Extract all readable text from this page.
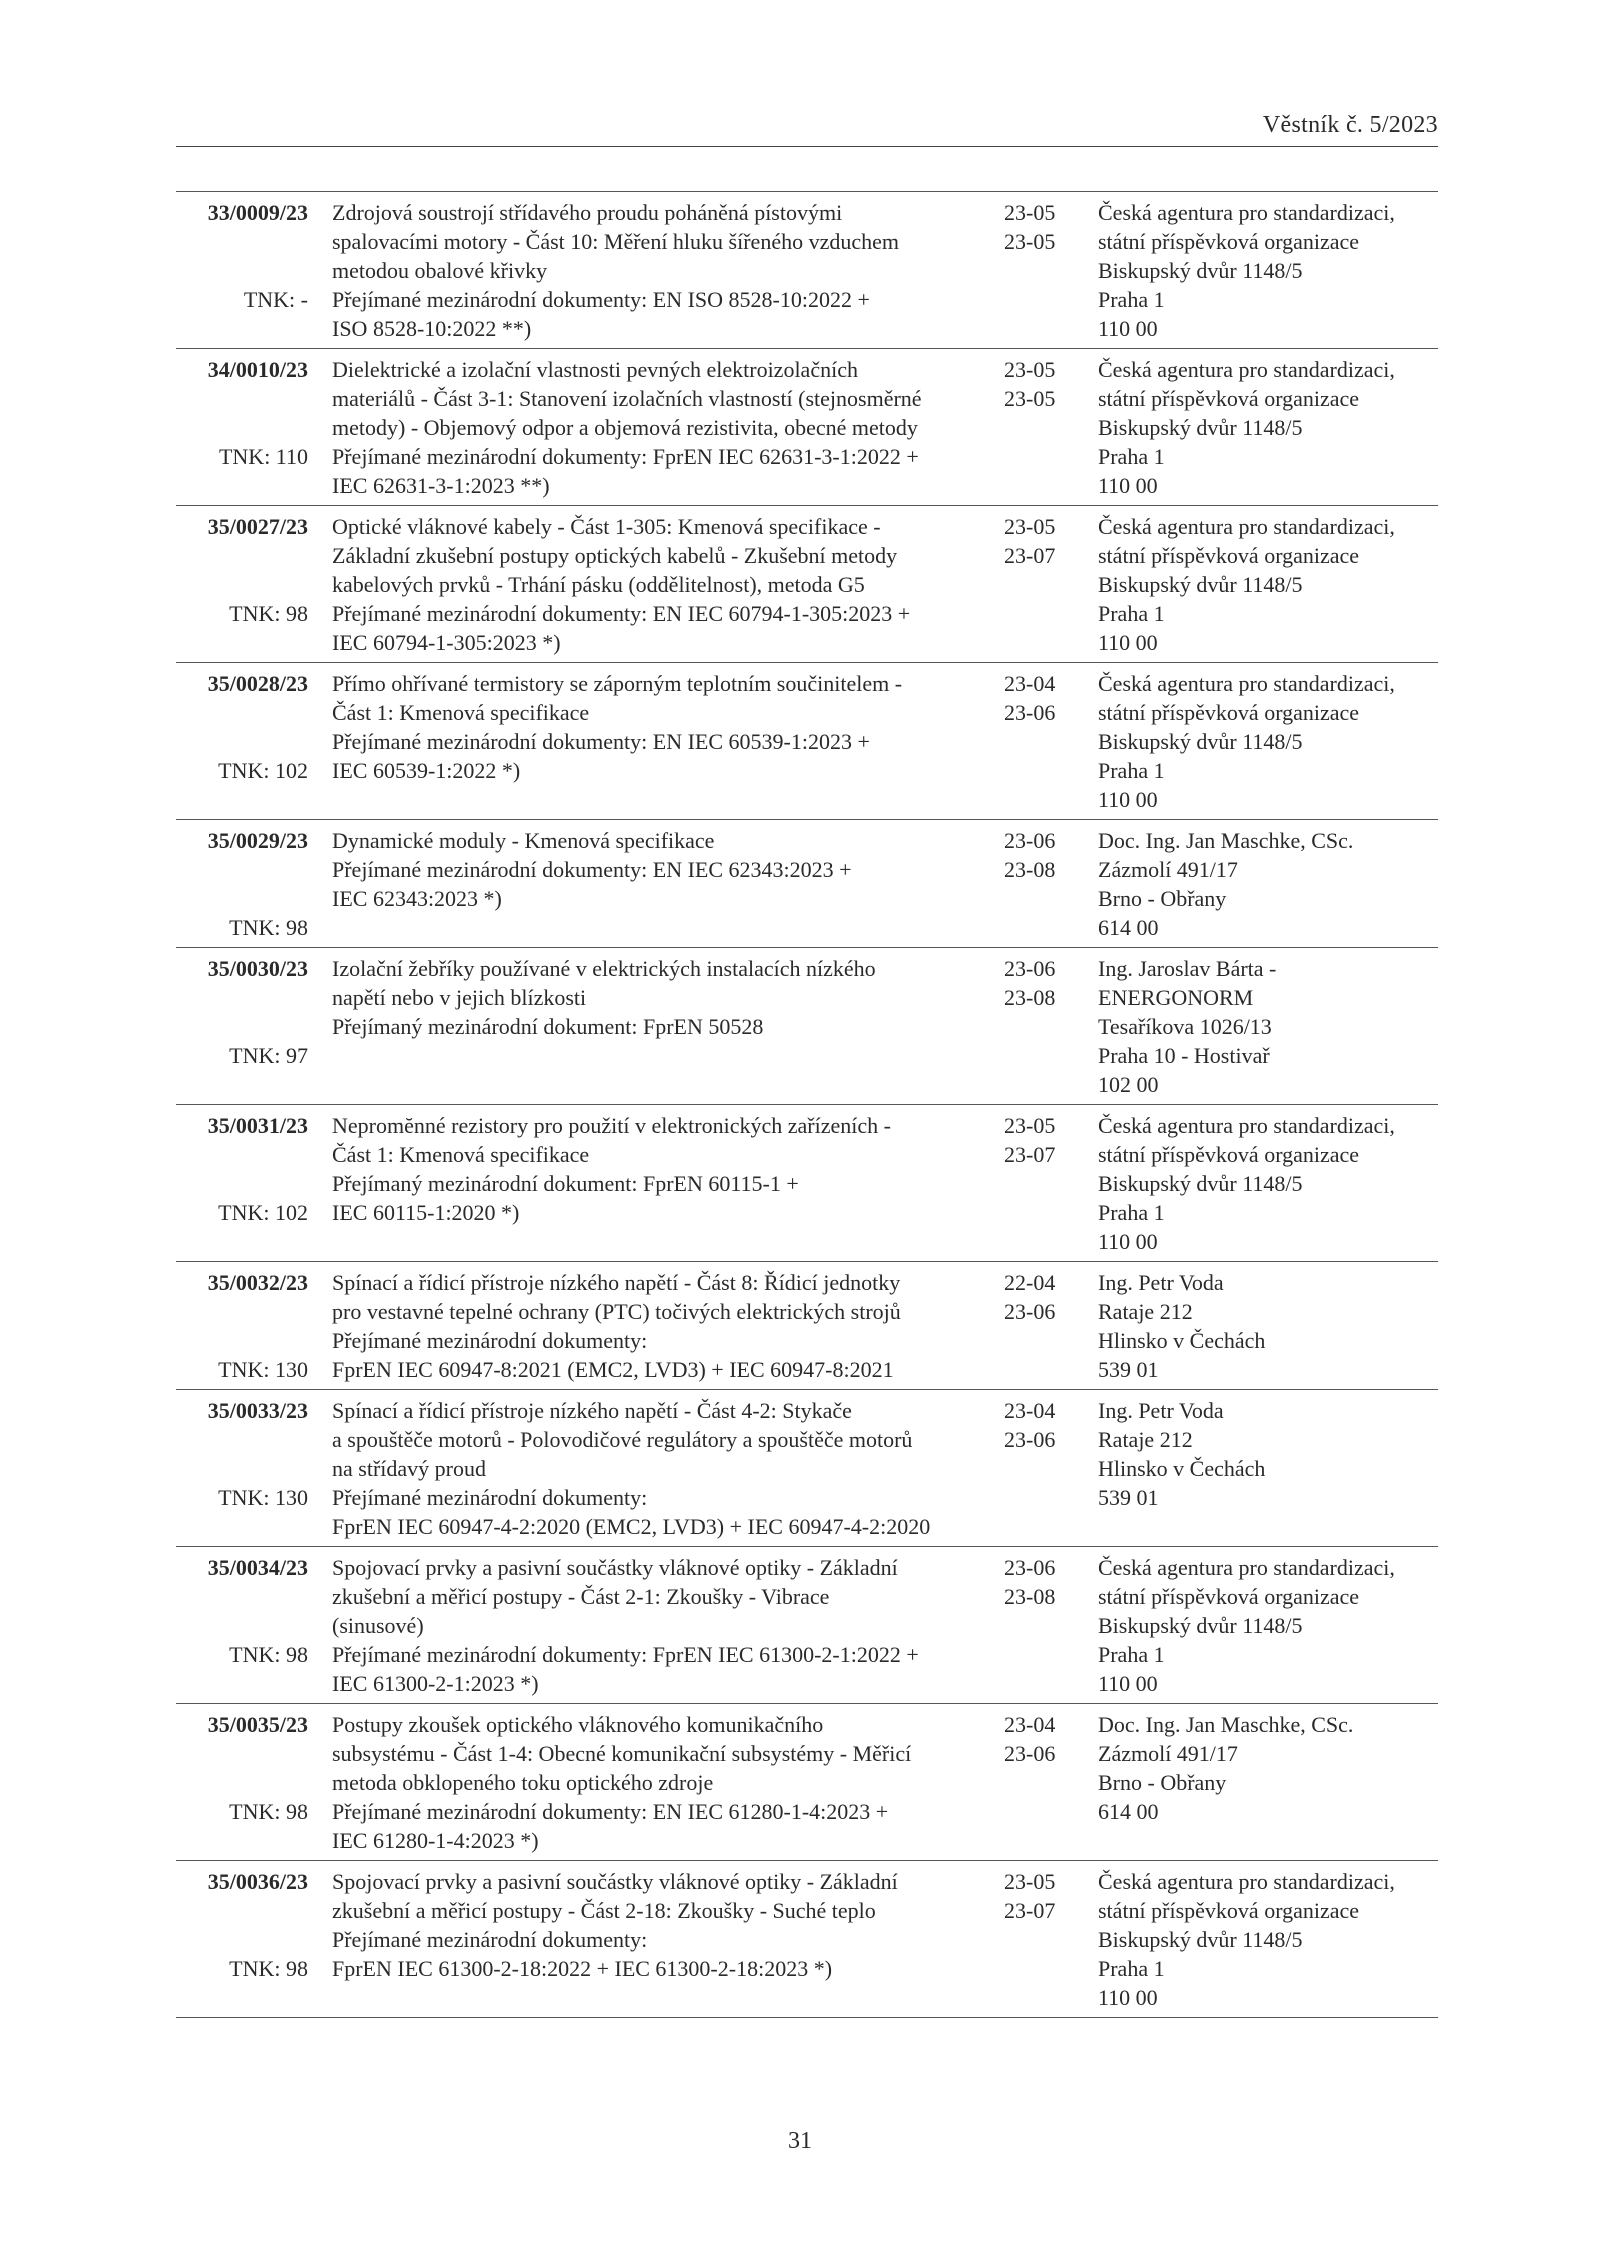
Věstník č. 5/2023
33/0009/23
TNK: -
Zdrojová soustrojí střídavého proudu poháněná pístovými
spalovacími motory - Část 10: Měření hluku šířeného vzduchem
metodou obalové křivky
Přejímané mezinárodní dokumenty: EN ISO 8528-10:2022 +
ISO 8528-10:2022 **)
23-05
23-05
Česká agentura pro standardizaci,
státní příspěvková organizace
Biskupský dvůr 1148/5
Praha 1
110 00
34/0010/23
TNK: 110
Dielektrické a izolační vlastnosti pevných elektroizolačních
materiálů - Část 3-1: Stanovení izolačních vlastností (stejnosměrné
metody) - Objemový odpor a objemová rezistivita, obecné metody
Přejímané mezinárodní dokumenty: FprEN IEC 62631-3-1:2022 +
IEC 62631-3-1:2023 **)
23-05
23-05
Česká agentura pro standardizaci,
státní příspěvková organizace
Biskupský dvůr 1148/5
Praha 1
110 00
35/0027/23
TNK: 98
Optické vláknové kabely - Část 1-305: Kmenová specifikace -
Základní zkušební postupy optických kabelů - Zkušební metody
kabelových prvků - Trhání pásku (oddělitelnost), metoda G5
Přejímané mezinárodní dokumenty: EN IEC 60794-1-305:2023 +
IEC 60794-1-305:2023 *)
23-05
23-07
Česká agentura pro standardizaci,
státní příspěvková organizace
Biskupský dvůr 1148/5
Praha 1
110 00
35/0028/23
TNK: 102
Přímo ohřívané termistory se záporným teplotním součinitelem -
Část 1: Kmenová specifikace
Přejímané mezinárodní dokumenty: EN IEC 60539-1:2023 +
IEC 60539-1:2022 *)
23-04
23-06
Česká agentura pro standardizaci,
státní příspěvková organizace
Biskupský dvůr 1148/5
Praha 1
110 00
35/0029/23
TNK: 98
Dynamické moduly - Kmenová specifikace
Přejímané mezinárodní dokumenty: EN IEC 62343:2023 +
IEC 62343:2023 *)
23-06
23-08
Doc. Ing. Jan Maschke, CSc.
Zázmolí 491/17
Brno - Obřany
614 00
35/0030/23
TNK: 97
Izolační žebříky používané v elektrických instalacích nízkého
napětí nebo v jejich blízkosti
Přejímaný mezinárodní dokument: FprEN 50528
23-06
23-08
Ing. Jaroslav Bárta -
ENERGONORM
Tesaříkova 1026/13
Praha 10 - Hostivař
102 00
35/0031/23
TNK: 102
Nepromĕnné rezistory pro použití v elektronických zařízeních -
Část 1: Kmenová specifikace
Přejímaný mezinárodní dokument: FprEN 60115-1 +
IEC 60115-1:2020 *)
23-05
23-07
Česká agentura pro standardizaci,
státní příspěvková organizace
Biskupský dvůr 1148/5
Praha 1
110 00
35/0032/23
TNK: 130
Spínací a řídicí přístroje nízkého napětí - Část 8: Řídicí jednotky
pro vestavné tepelné ochrany (PTC) točivých elektrických strojů
Přejímané mezinárodní dokumenty:
FprEN IEC 60947-8:2021 (EMC2, LVD3) + IEC 60947-8:2021
22-04
23-06
Ing. Petr Voda
Rataje 212
Hlinsko v Čechách
539 01
35/0033/23
TNK: 130
Spínací a řídicí přístroje nízkého napětí - Část 4-2: Stykače
a spouštěče motorů - Polovodičové regulátory a spouštěče motorů
na střídavý proud
Přejímané mezinárodní dokumenty:
FprEN IEC 60947-4-2:2020 (EMC2, LVD3) + IEC 60947-4-2:2020
23-04
23-06
Ing. Petr Voda
Rataje 212
Hlinsko v Čechách
539 01
35/0034/23
TNK: 98
Spojovací prvky a pasivní součástky vláknové optiky - Základní
zkušební a měřicí postupy - Část 2-1: Zkoušky - Vibrace
(sinusové)
Přejímané mezinárodní dokumenty: FprEN IEC 61300-2-1:2022 +
IEC 61300-2-1:2023 *)
23-06
23-08
Česká agentura pro standardizaci,
státní příspěvková organizace
Biskupský dvůr 1148/5
Praha 1
110 00
35/0035/23
TNK: 98
Postupy zkoušek optického vláknového komunikačního
subsystému - Část 1-4: Obecné komunikační subsystémy - Měřicí
metoda obklopeného toku optického zdroje
Přejímané mezinárodní dokumenty: EN IEC 61280-1-4:2023 +
IEC 61280-1-4:2023 *)
23-04
23-06
Doc. Ing. Jan Maschke, CSc.
Zázmolí 491/17
Brno - Obřany
614 00
35/0036/23
TNK: 98
Spojovací prvky a pasivní součástky vláknové optiky - Základní
zkušební a měřicí postupy - Část 2-18: Zkoušky - Suché teplo
Přejímané mezinárodní dokumenty:
FprEN IEC 61300-2-18:2022 + IEC 61300-2-18:2023 *)
23-05
23-07
Česká agentura pro standardizaci,
státní příspěvková organizace
Biskupský dvůr 1148/5
Praha 1
110 00
31
